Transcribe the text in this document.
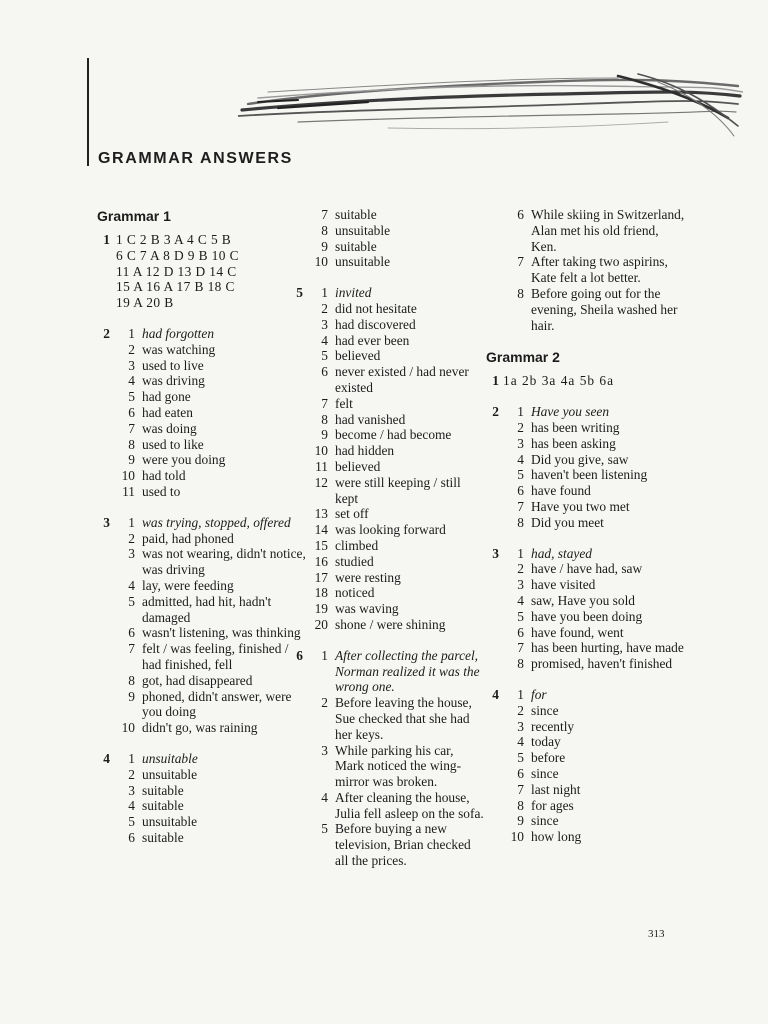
GRAMMAR ANSWERS
Grammar 1
1 1 C 2 B 3 A 4 C 5 B
6 C 7 A 8 D 9 B 10 C
11 A 12 D 13 D 14 C
15 A 16 A 17 B 18 C
19 A 20 B
2	1 had forgotten
2 was watching
3 used to live
4 was driving
5 had gone
6 had eaten
7 was doing
8 used to like
9 were you doing
10 had told
11 used to
3	1 was trying, stopped, offered
2 paid, had phoned
3 was not wearing, didn't notice, was driving
4 lay, were feeding
5 admitted, had hit, hadn't damaged
6 wasn't listening, was thinking
7 felt / was feeling, finished / had finished, fell
8 got, had disappeared
9 phoned, didn't answer, were you doing
10 didn't go, was raining
4	1 unsuitable
2 unsuitable
3 suitable
4 suitable
5 unsuitable
6 suitable
7 suitable
8 unsuitable
9 suitable
10 unsuitable
5	1 invited
2 did not hesitate
3 had discovered
4 had ever been
5 believed
6 never existed / had never existed
7 felt
8 had vanished
9 become / had become
10 had hidden
11 believed
12 were still keeping / still kept
13 set off
14 was looking forward
15 climbed
16 studied
17 were resting
18 noticed
19 was waving
20 shone / were shining
6	1 After collecting the parcel, Norman realized it was the wrong one.
2 Before leaving the house, Sue checked that she had her keys.
3 While parking his car, Mark noticed the wing-mirror was broken.
4 After cleaning the house, Julia fell asleep on the sofa.
5 Before buying a new television, Brian checked all the prices.
6 While skiing in Switzerland, Alan met his old friend, Ken.
7 After taking two aspirins, Kate felt a lot better.
8 Before going out for the evening, Sheila washed her hair.
Grammar 2
1 1a 2b 3a 4a 5b 6a
2	1 Have you seen
2 has been writing
3 has been asking
4 Did you give, saw
5 haven't been listening
6 have found
7 Have you two met
8 Did you meet
3	1 had, stayed
2 have / have had, saw
3 have visited
4 saw, Have you sold
5 have you been doing
6 have found, went
7 has been hurting, have made
8 promised, haven't finished
4	1 for
2 since
3 recently
4 today
5 before
6 since
7 last night
8 for ages
9 since
10 how long
313
